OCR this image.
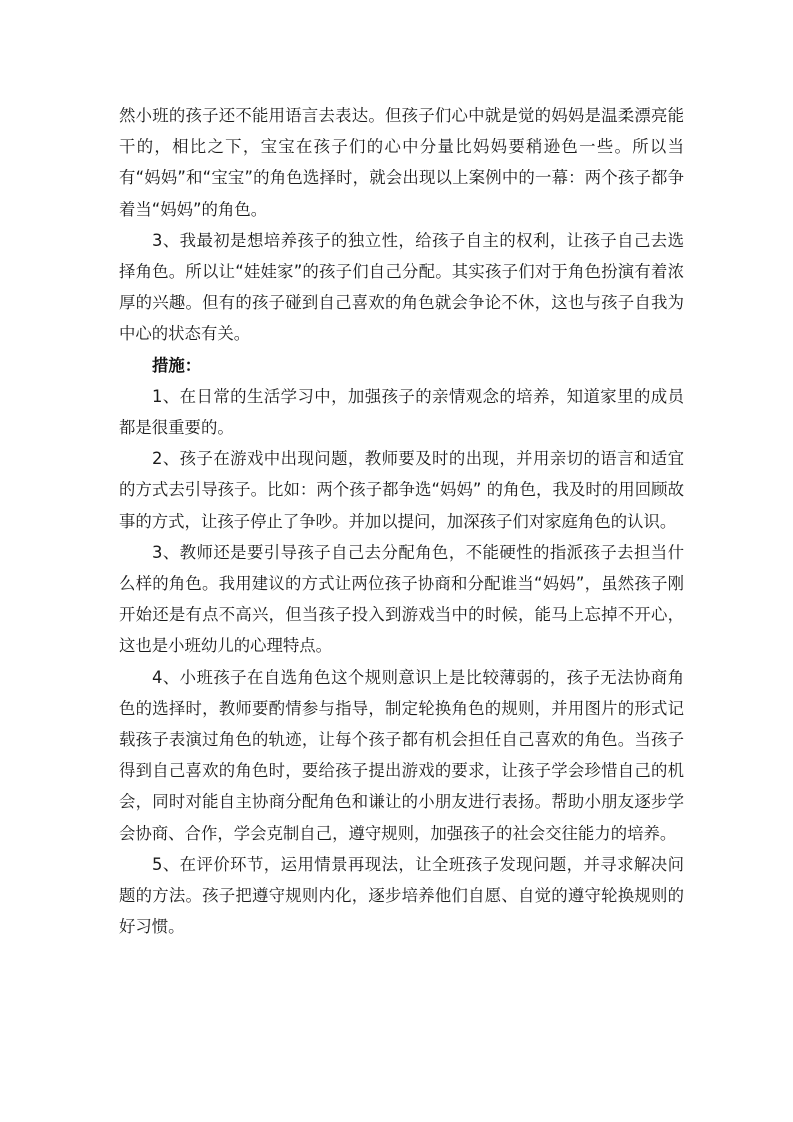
然小班的孩子还不能用语言去表达。但孩子们心中就是觉的妈妈是温柔漂亮能干的，相比之下，宝宝在孩子们的心中分量比妈妈要稍逊色一些。所以当有“妈妈”和“宝宝”的角色选择时，就会出现以上案例中的一幕：两个孩子都争着当“妈妈”的角色。

3、我最初是想培养孩子的独立性，给孩子自主的权利，让孩子自己去选择角色。所以让“娃娃家”的孩子们自己分配。其实孩子们对于角色扮演有着浓厚的兴趣。但有的孩子碰到自己喜欢的角色就会争论不休，这也与孩子自我为中心的状态有关。

措施：

1、在日常的生活学习中，加强孩子的亲情观念的培养，知道家里的成员都是很重要的。

2、孩子在游戏中出现问题，教师要及时的出现，并用亲切的语言和适宜的方式去引导孩子。比如：两个孩子都争选“妈妈” 的角色，我及时的用回顾故事的方式，让孩子停止了争吵。并加以提问，加深孩子们对家庭角色的认识。

3、教师还是要引导孩子自己去分配角色，不能硬性的指派孩子去担当什么样的角色。我用建议的方式让两位孩子协商和分配谁当“妈妈”，虽然孩子刚开始还是有点不高兴，但当孩子投入到游戏当中的时候，能马上忘掉不开心，这也是小班幼儿的心理特点。

4、小班孩子在自选角色这个规则意识上是比较薄弱的，孩子无法协商角色的选择时，教师要酌情参与指导，制定轮换角色的规则，并用图片的形式记载孩子表演过角色的轨迹，让每个孩子都有机会担任自己喜欢的角色。当孩子得到自己喜欢的角色时，要给孩子提出游戏的要求，让孩子学会珍惜自己的机会，同时对能自主协商分配角色和谦让的小朋友进行表扬。帮助小朋友逐步学会协商、合作，学会克制自己，遵守规则，加强孩子的社会交往能力的培养。

5、在评价环节，运用情景再现法，让全班孩子发现问题，并寻求解决问题的方法。孩子把遵守规则内化，逐步培养他们自愿、自觉的遵守轮换规则的好习惯。
